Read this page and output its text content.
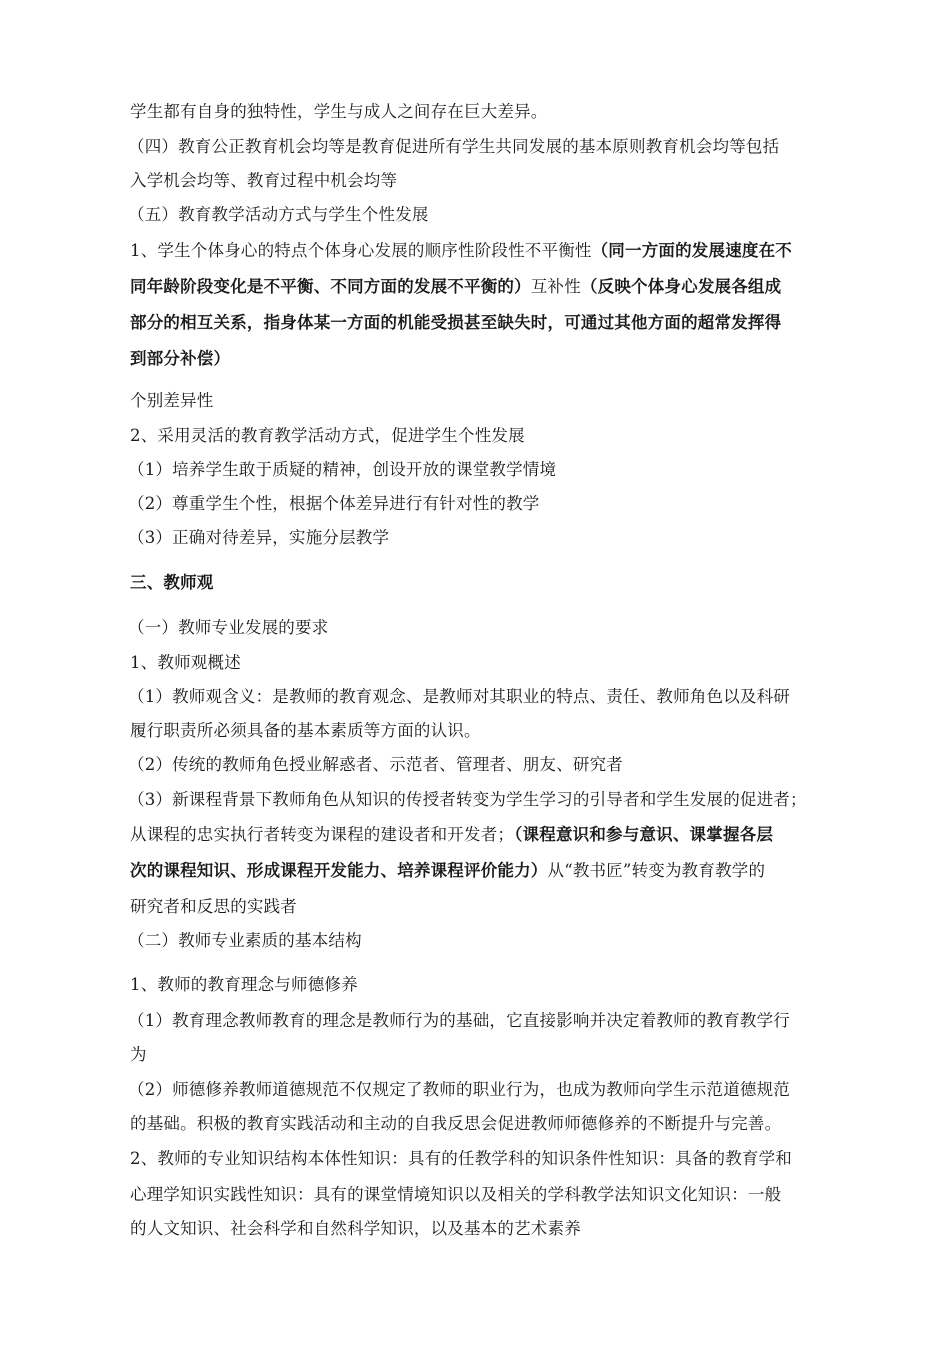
学生都有自身的独特性，学生与成人之间存在巨大差异。
（四）教育公正教育机会均等是教育促进所有学生共同发展的基本原则教育机会均等包括
入学机会均等、教育过程中机会均等
（五）教育教学活动方式与学生个性发展
1、学生个体身心的特点个体身心发展的顺序性阶段性不平衡性（同一方面的发展速度在不
同年龄阶段变化是不平衡、不同方面的发展不平衡的）互补性（反映个体身心发展各组成
部分的相互关系，指身体某一方面的机能受损甚至缺失时，可通过其他方面的超常发挥得
到部分补偿）
个别差异性
2、采用灵活的教育教学活动方式，促进学生个性发展
（1）培养学生敢于质疑的精神，创设开放的课堂教学情境
（2）尊重学生个性，根据个体差异进行有针对性的教学
（3）正确对待差异，实施分层教学
三、教师观
（一）教师专业发展的要求
1、教师观概述
（1）教师观含义：是教师的教育观念、是教师对其职业的特点、责任、教师角色以及科研
履行职责所必须具备的基本素质等方面的认识。
（2）传统的教师角色授业解惑者、示范者、管理者、朋友、研究者
（3）新课程背景下教师角色从知识的传授者转变为学生学习的引导者和学生发展的促进者；
从课程的忠实执行者转变为课程的建设者和开发者；（课程意识和参与意识、课掌握各层
次的课程知识、形成课程开发能力、培养课程评价能力）从“教书匠”转变为教育教学的
研究者和反思的实践者
（二）教师专业素质的基本结构
1、教师的教育理念与师德修养
（1）教育理念教师教育的理念是教师行为的基础，它直接影响并决定着教师的教育教学行
为
（2）师德修养教师道德规范不仅规定了教师的职业行为，也成为教师向学生示范道德规范
的基础。积极的教育实践活动和主动的自我反思会促进教师师德修养的不断提升与完善。
2、教师的专业知识结构本体性知识：具有的任教学科的知识条件性知识：具备的教育学和
心理学知识实践性知识：具有的课堂情境知识以及相关的学科教学法知识文化知识：一般
的人文知识、社会科学和自然科学知识，以及基本的艺术素养
